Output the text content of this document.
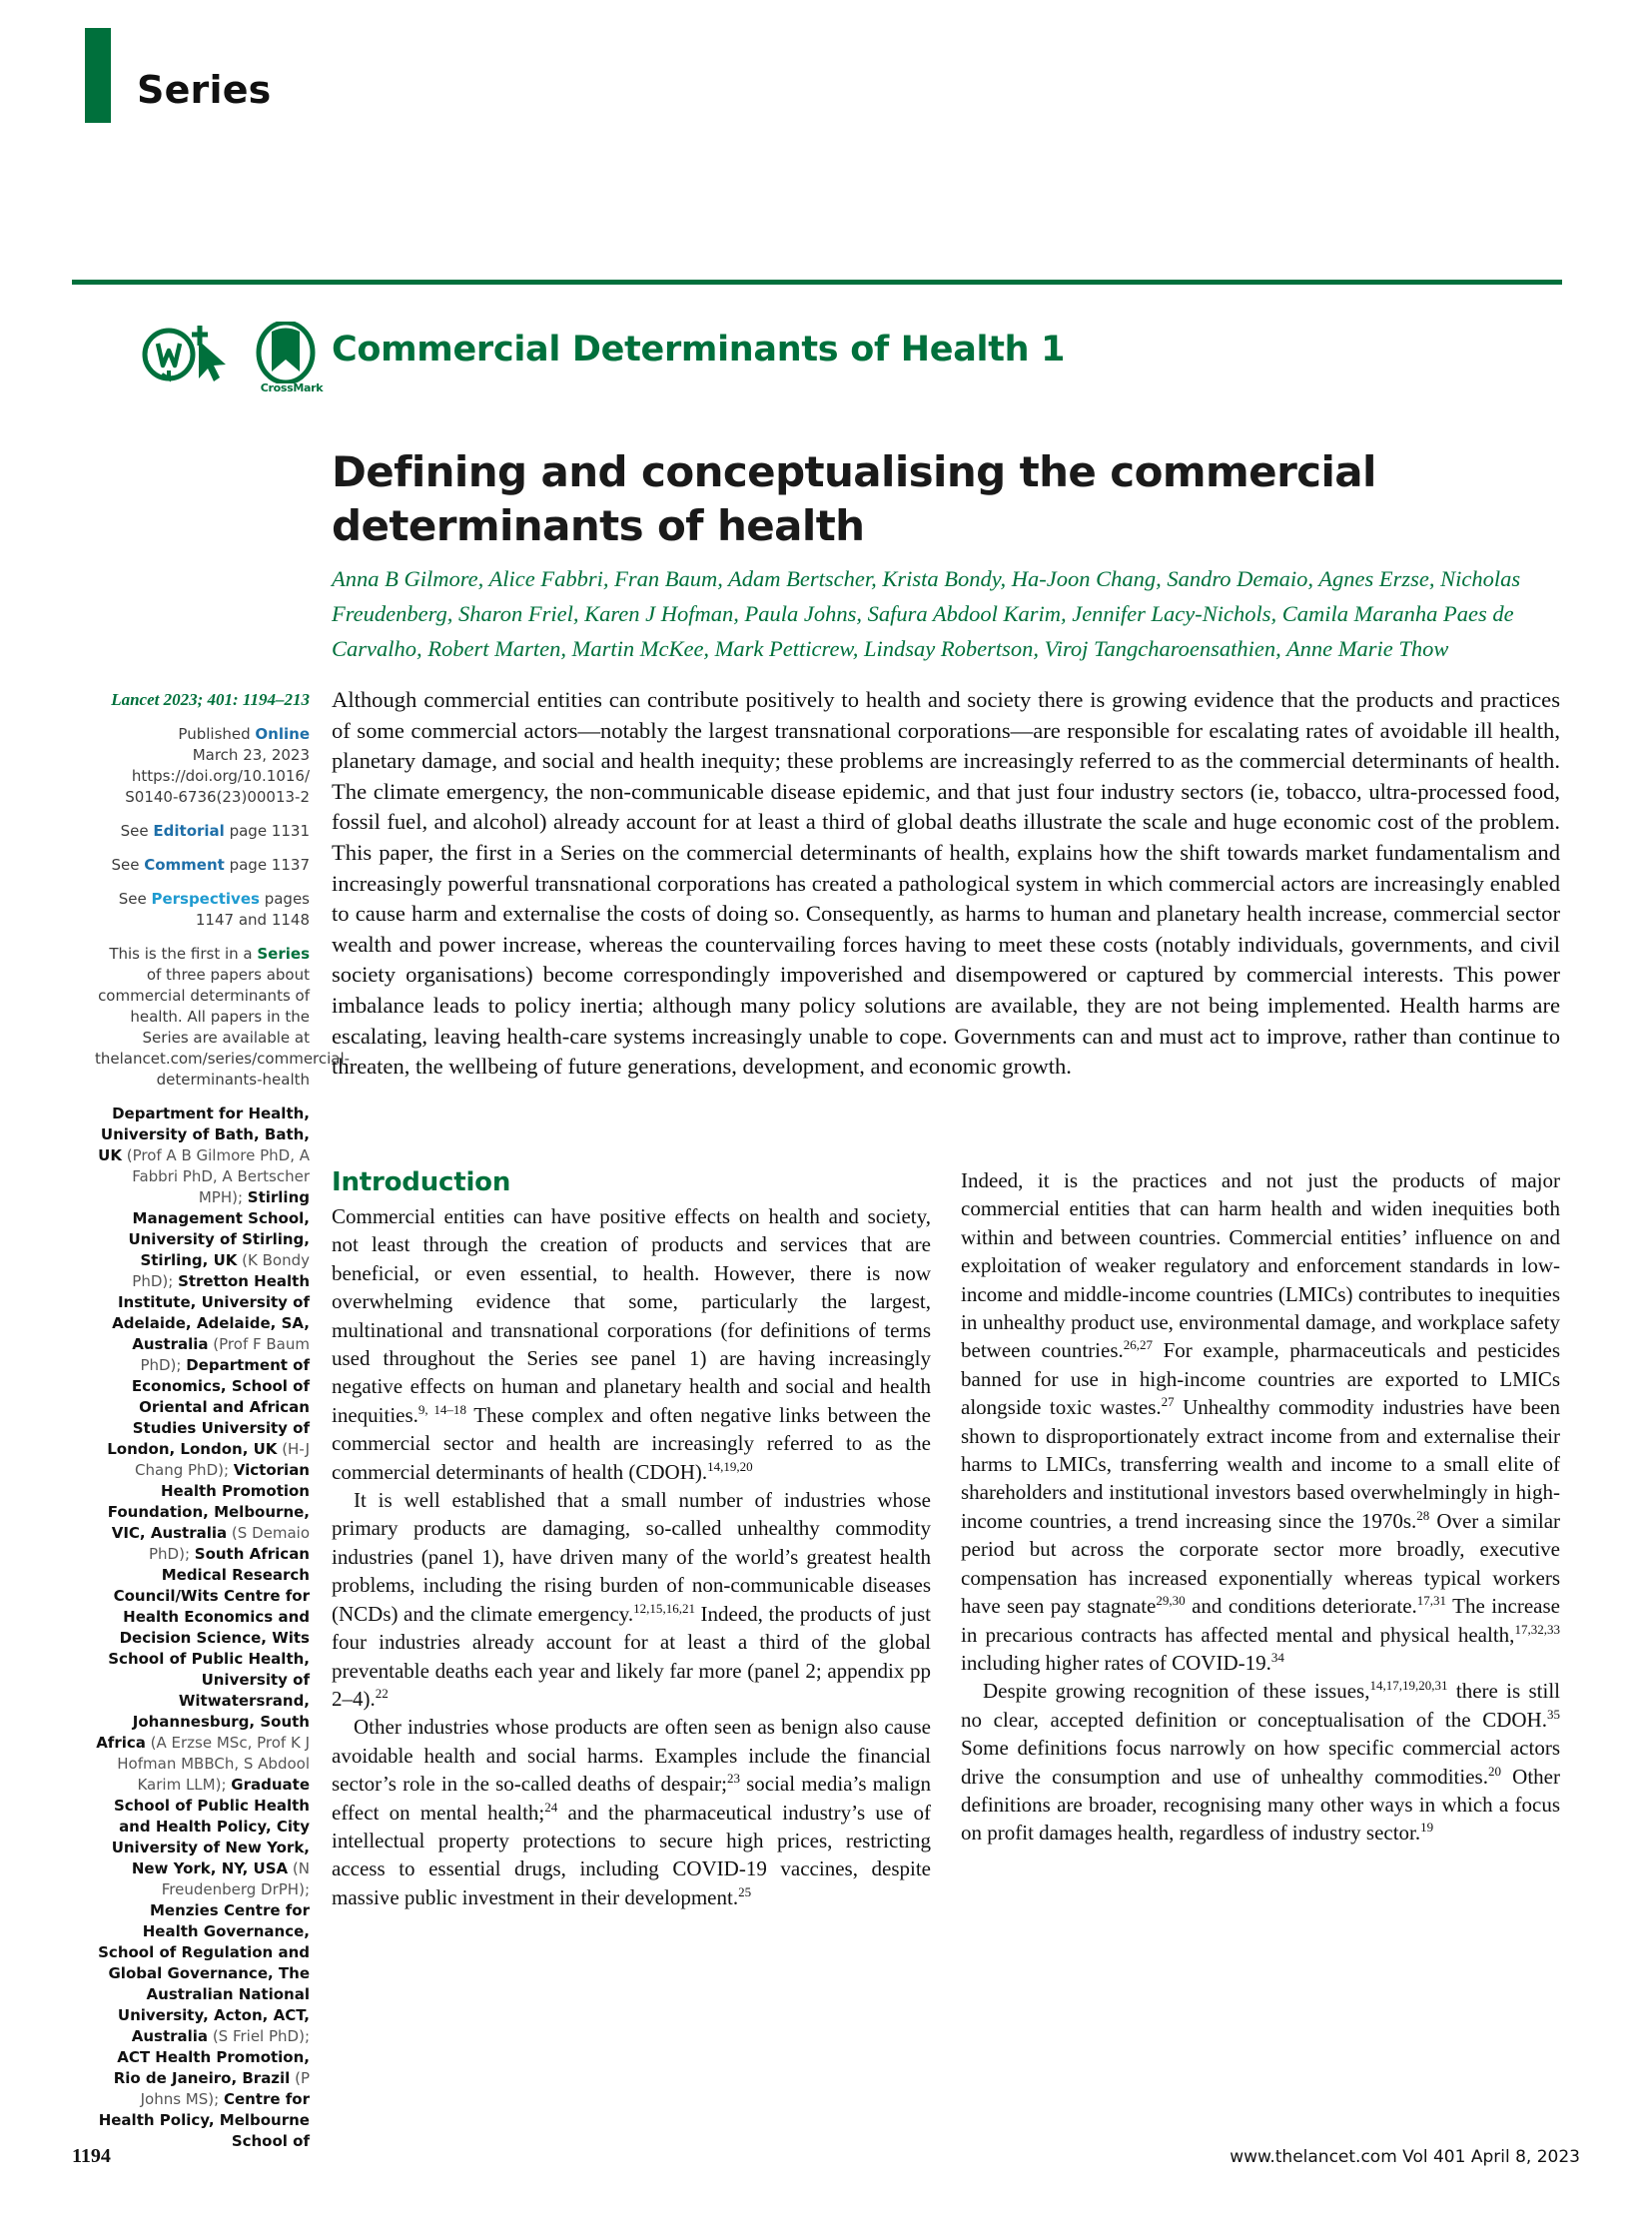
Series
CrossMark
Commercial Determinants of Health 1
Defining and conceptualising the commercial determinants of health
Anna B Gilmore, Alice Fabbri, Fran Baum, Adam Bertscher, Krista Bondy, Ha-Joon Chang, Sandro Demaio, Agnes Erzse, Nicholas Freudenberg, Sharon Friel, Karen J Hofman, Paula Johns, Safura Abdool Karim, Jennifer Lacy-Nichols, Camila Maranha Paes de Carvalho, Robert Marten, Martin McKee, Mark Petticrew, Lindsay Robertson, Viroj Tangcharoensathien, Anne Marie Thow
Lancet 2023; 401: 1194–213

Published Online
March 23, 2023
https://doi.org/10.1016/
S0140-6736(23)00013-2

See Editorial page 1131

See Comment page 1137

See Perspectives pages 1147 and 1148

This is the first in a Series of three papers about commercial determinants of health. All papers in the Series are available at thelancet.com/series/commercial-determinants-health

Department for Health, University of Bath, Bath, UK (Prof A B Gilmore PhD, A Fabbri PhD, A Bertscher MPH); Stirling Management School, University of Stirling, Stirling, UK (K Bondy PhD); Stretton Health Institute, University of Adelaide, Adelaide, SA, Australia (Prof F Baum PhD); Department of Economics, School of Oriental and African Studies University of London, London, UK (H-J Chang PhD); Victorian Health Promotion Foundation, Melbourne, VIC, Australia (S Demaio PhD); South African Medical Research Council/Wits Centre for Health Economics and Decision Science, Wits School of Public Health, University of Witwatersrand, Johannesburg, South Africa (A Erzse MSc, Prof K J Hofman MBBCh, S Abdool Karim LLM); Graduate School of Public Health and Health Policy, City University of New York, New York, NY, USA (N Freudenberg DrPH); Menzies Centre for Health Governance, School of Regulation and Global Governance, The Australian National University, Acton, ACT, Australia (S Friel PhD); ACT Health Promotion, Rio de Janeiro, Brazil (P Johns MS); Centre for Health Policy, Melbourne School of

Although commercial entities can contribute positively to health and society there is growing evidence that the products and practices of some commercial actors—notably the largest transnational corporations—are responsible for escalating rates of avoidable ill health, planetary damage, and social and health inequity; these problems are increasingly referred to as the commercial determinants of health. The climate emergency, the non-communicable disease epidemic, and that just four industry sectors (ie, tobacco, ultra-processed food, fossil fuel, and alcohol) already account for at least a third of global deaths illustrate the scale and huge economic cost of the problem. This paper, the first in a Series on the commercial determinants of health, explains how the shift towards market fundamentalism and increasingly powerful transnational corporations has created a pathological system in which commercial actors are increasingly enabled to cause harm and externalise the costs of doing so. Consequently, as harms to human and planetary health increase, commercial sector wealth and power increase, whereas the countervailing forces having to meet these costs (notably individuals, governments, and civil society organisations) become correspondingly impoverished and disempowered or captured by commercial interests. This power imbalance leads to policy inertia; although many policy solutions are available, they are not being implemented. Health harms are escalating, leaving health-care systems increasingly unable to cope. Governments can and must act to improve, rather than continue to threaten, the wellbeing of future generations, development, and economic growth.
Introduction

Commercial entities can have positive effects on health and society, not least through the creation of products and services that are beneficial, or even essential, to health. However, there is now overwhelming evidence that some, particularly the largest, multinational and transnational corporations (for definitions of terms used throughout the Series see panel 1) are having increasingly negative effects on human and planetary health and social and health inequities.$^{9, 14-18}$ These complex and often negative links between the commercial sector and health are increasingly referred to as the commercial determinants of health (CDOH).$^{14,19,20}$

It is well established that a small number of industries whose primary products are damaging, so-called unhealthy commodity industries (panel 1), have driven many of the world’s greatest health problems, including the rising burden of non-communicable diseases (NCDs) and the climate emergency.$^{12,15,16,21}$ Indeed, the products of just four industries already account for at least a third of the global preventable deaths each year and likely far more (panel 2; appendix pp 2–4).$^{22}$

Other industries whose products are often seen as benign also cause avoidable health and social harms. Examples include the financial sector’s role in the so-called deaths of despair;$^{23}$ social media’s malign effect on mental health;$^{24}$ and the pharmaceutical industry’s use of intellectual property protections to secure high prices, restricting access to essential drugs, including COVID-19 vaccines, despite massive public investment in their development.$^{25}$

Indeed, it is the practices and not just the products of major commercial entities that can harm health and widen inequities both within and between countries. Commercial entities’ influence on and exploitation of weaker regulatory and enforcement standards in low-income and middle-income countries (LMICs) contributes to inequities in unhealthy product use, environmental damage, and workplace safety between countries.$^{26,27}$ For example, pharmaceuticals and pesticides banned for use in high-income countries are exported to LMICs alongside toxic wastes.$^{27}$ Unhealthy commodity industries have been shown to disproportionately extract income from and externalise their harms to LMICs, transferring wealth and income to a small elite of shareholders and institutional investors based overwhelmingly in high-income countries, a trend increasing since the 1970s.$^{28}$ Over a similar period but across the corporate sector more broadly, executive compensation has increased exponentially whereas typical workers have seen pay stagnate$^{29,30}$ and conditions deteriorate.$^{17,31}$ The increase in precarious contracts has affected mental and physical health,$^{17,32,33}$ including higher rates of COVID-19.34

Despite growing recognition of these issues,$^{14,17,19,20,31}$ there is still no clear, accepted definition or conceptualisation of the CDOH.$^{35}$ Some definitions focus narrowly on how specific commercial actors drive the consumption and use of unhealthy commodities.$^{20}$ Other definitions are broader, recognising many other ways in which a focus on profit damages health, regardless of industry sector.$^{19}$

1194	www.thelancet.com Vol 401 April 8, 2023
